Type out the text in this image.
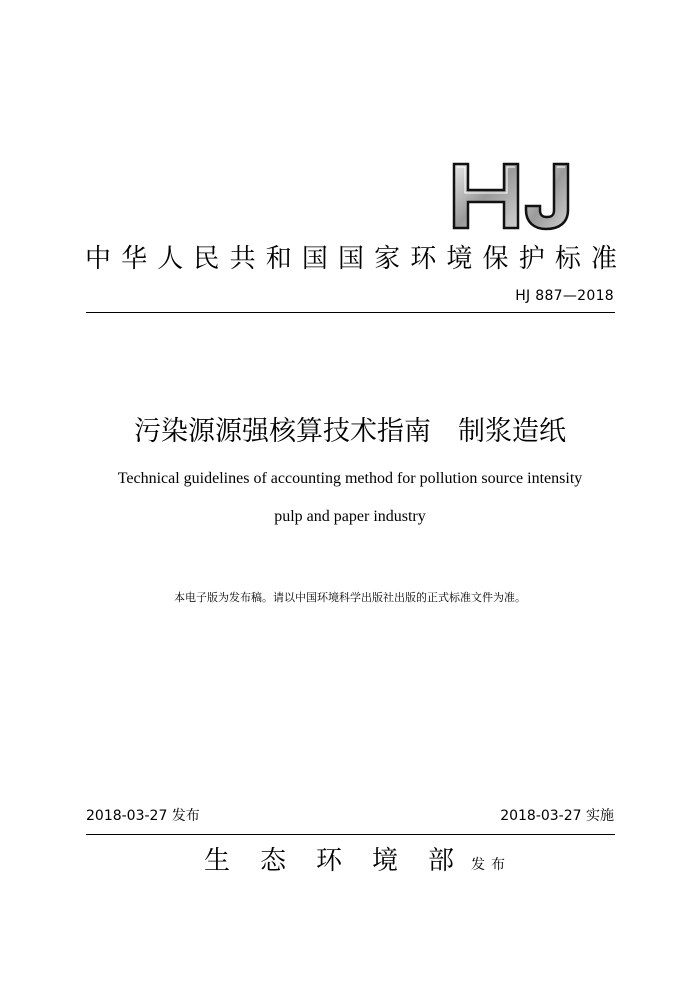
中 华 人 民 共 和 国 国 家 环 境 保 护 标 准
HJ 887—2018
污染源源强核算技术指南　制浆造纸
Technical guidelines of accounting method for pollution source intensity
pulp and paper industry
本电子版为发布稿。请以中国环境科学出版社出版的正式标准文件为准。
2018-03-27 发布	2018-03-27 实施
生	态	环	境	部	发布
